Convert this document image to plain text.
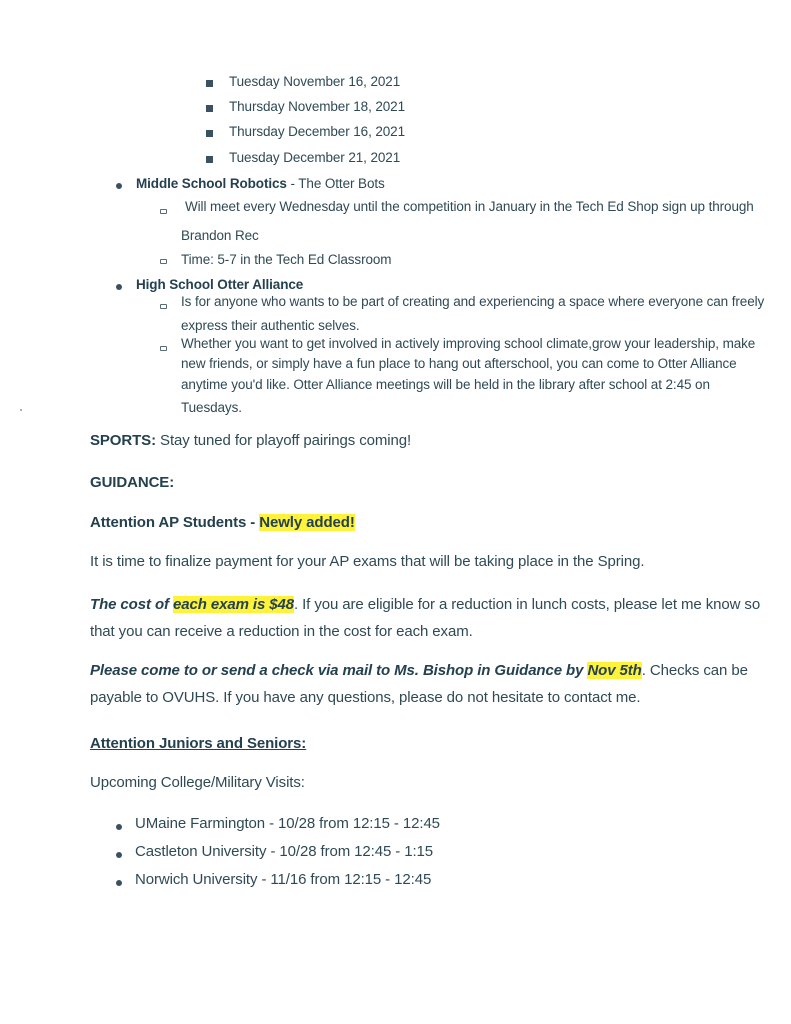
Tuesday November 16, 2021
Thursday November 18, 2021
Thursday December 16, 2021
Tuesday December 21, 2021
Middle School Robotics - The Otter Bots
Will meet every Wednesday until the competition in January in the Tech Ed Shop sign up through
Brandon Rec
Time: 5-7 in the Tech Ed Classroom
High School Otter Alliance
Is for anyone who wants to be part of creating and experiencing a space where everyone can freely
express their authentic selves.
Whether you want to get involved in actively improving school climate,grow your leadership, make
new friends, or simply have a fun place to hang out afterschool, you can come to Otter Alliance
anytime you'd like. Otter Alliance meetings will be held in the library after school at 2:45 on
Tuesdays.
SPORTS: Stay tuned for playoff pairings coming!
GUIDANCE:
Attention AP Students - Newly added!
It is time to finalize payment for your AP exams that will be taking place in the Spring.
The cost of each exam is $48. If you are eligible for a reduction in lunch costs, please let me know so
that you can receive a reduction in the cost for each exam.
Please come to or send a check via mail to Ms. Bishop in Guidance by Nov 5th. Checks can be
payable to OVUHS. If you have any questions, please do not hesitate to contact me.
Attention Juniors and Seniors:
Upcoming College/Military Visits:
UMaine Farmington - 10/28 from 12:15 - 12:45
Castleton University - 10/28 from 12:45 - 1:15
Norwich University - 11/16 from 12:15 - 12:45
